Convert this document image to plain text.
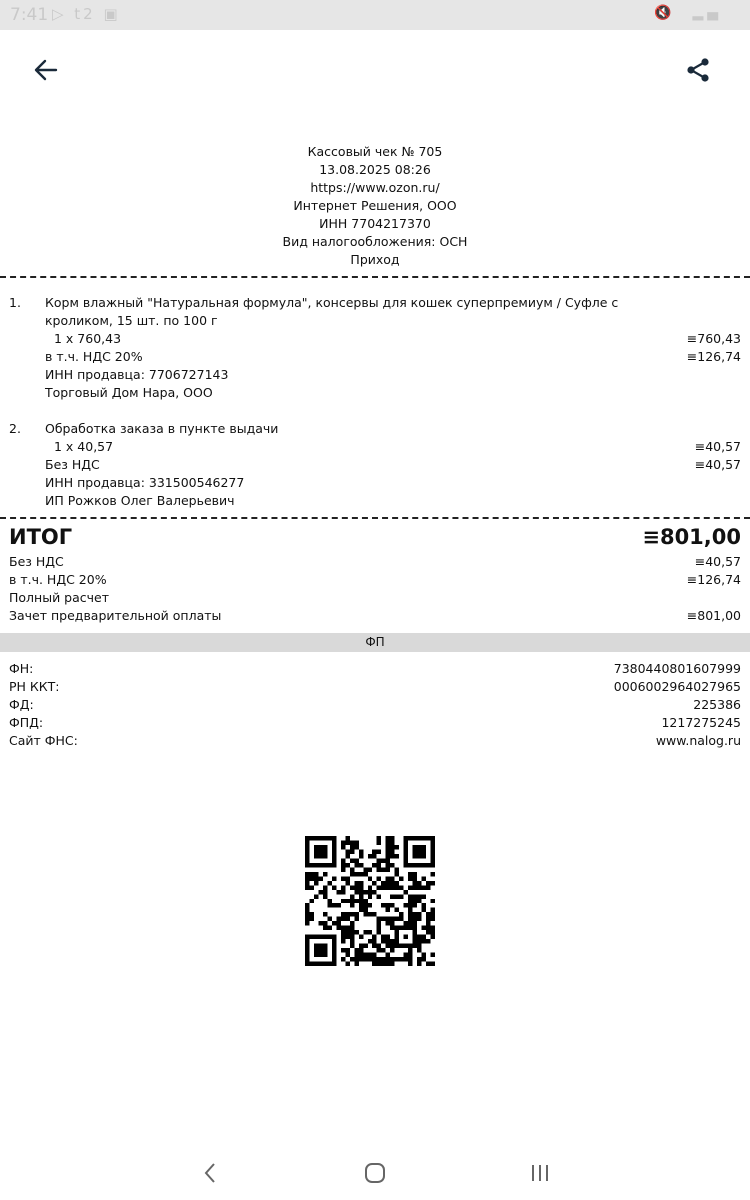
7:41 ▷ t2 ▣	🔇 ︎ ▂▄
Кассовый чек № 705
13.08.2025 08:26
https://www.ozon.ru/
Интернет Решения, ООО
ИНН 7704217370
Вид налогообложения: ОСН
Приход
1. Корм влажный "Натуральная формула", консервы для кошек суперпремиум / Суфле с
кроликом, 15 шт. по 100 г
1 х 760,43	≡760,43
в т.ч. НДС 20%	≡126,74
ИНН продавца: 7706727143
Торговый Дом Нара, ООО
2. Обработка заказа в пункте выдачи
1 х 40,57	≡40,57
Без НДС	≡40,57
ИНН продавца: 331500546277
ИП Рожков Олег Валерьевич
ИТОГ	≡801,00
Без НДС	≡40,57
в т.ч. НДС 20%	≡126,74
Полный расчет
Зачет предварительной оплаты	≡801,00
ФП
ФН:	7380440801607999
РН ККТ:	0006002964027965
ФД:	225386
ФПД:	1217275245
Сайт ФНС:	www.nalog.ru
